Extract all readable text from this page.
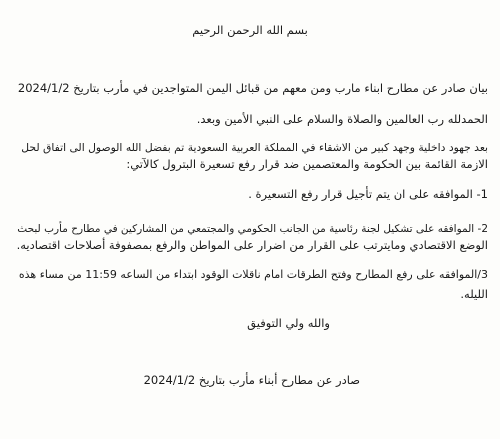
بسم الله الرحمن الرحيم
بيان صادر عن مطارح ابناء مارب ومن معهم من قبائل اليمن المتواجدين في مأرب بتاريخ 2024/1/2
الحمدلله رب العالمين والصلاة والسلام على النبي الأمين وبعد.
بعد جهود داخلية وجهد كبير من الاشقاء في المملكة العربية السعودية تم بفضل الله الوصول الى اتفاق لحل
الازمة القائمة بين الحكومة والمعتصمين ضد قرار رفع تسعيرة البترول كالآتي:
1- الموافقه على ان يتم تأجيل قرار رفع التسعيرة .
2- الموافقه على تشكيل لجنة رئاسية من الجانب الحكومي والمجتمعي من المشاركين في مطارح مأرب لبحث
الوضع الاقتصادي ومايترتب على القرار من اضرار على المواطن والرفع بمصفوفة أصلاحات اقتصاديه.
3/الموافقه على رفع المطارح وفتح الطرقات امام ناقلات الوقود ابتداء من الساعه 11:59 من مساء هذه
الليله.
والله ولي التوفيق
صادر عن مطارح أبناء مأرب بتاريخ 2024/1/2
